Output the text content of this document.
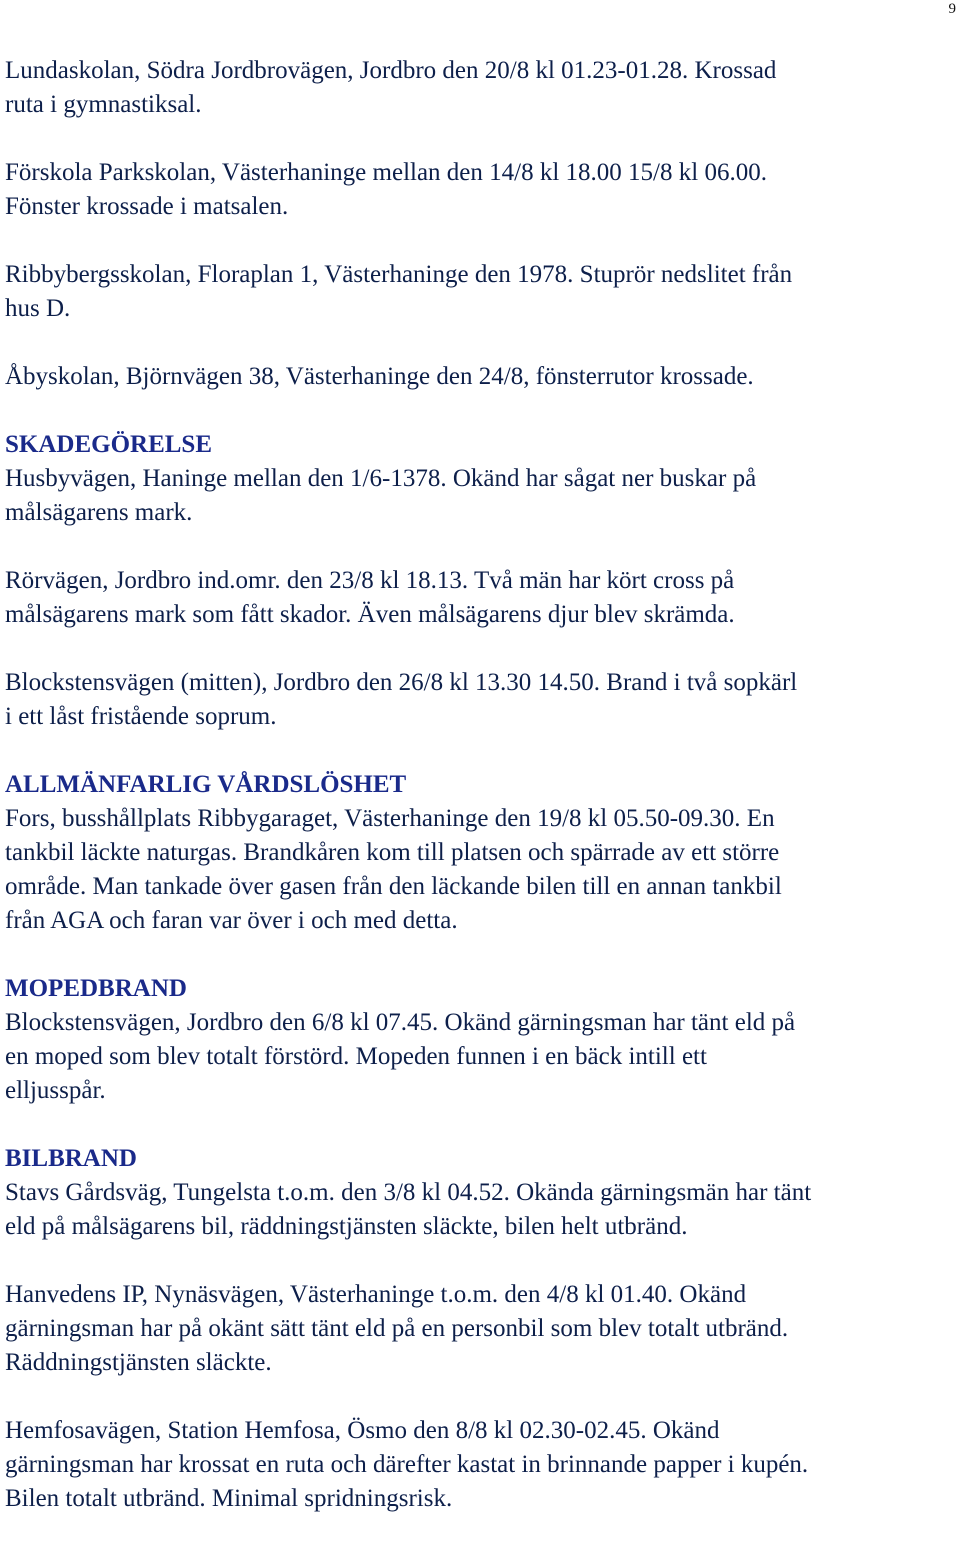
9
Lundaskolan, Södra Jordbrovägen, Jordbro den 20/8 kl 01.23-01.28. Krossad
ruta i gymnastiksal.
Förskola Parkskolan, Västerhaninge mellan den 14/8 kl 18.00 15/8 kl 06.00.
Fönster krossade i matsalen.
Ribbybergsskolan, Floraplan 1, Västerhaninge den 1978. Stuprör nedslitet från
hus D.
Åbyskolan, Björnvägen 38, Västerhaninge den 24/8, fönsterrutor krossade.
SKADEGÖRELSE
Husbyvägen, Haninge mellan den 1/6-1378. Okänd har sågat ner buskar på
målsägarens mark.
Rörvägen, Jordbro ind.omr. den 23/8 kl 18.13. Två män har kört cross på
målsägarens mark som fått skador. Även målsägarens djur blev skrämda.
Blockstensvägen (mitten), Jordbro den 26/8 kl 13.30 14.50. Brand i två sopkärl
i ett låst fristående soprum.
ALLMÄNFARLIG VÅRDSLÖSHET
Fors, busshållplats Ribbygaraget, Västerhaninge den 19/8 kl 05.50-09.30. En
tankbil läckte naturgas. Brandkåren kom till platsen och spärrade av ett större
område. Man tankade över gasen från den läckande bilen till en annan tankbil
från AGA och faran var över i och med detta.
MOPEDBRAND
Blockstensvägen, Jordbro den 6/8 kl 07.45. Okänd gärningsman har tänt eld på
en moped som blev totalt förstörd. Mopeden funnen i en bäck intill ett
elljusspår.
BILBRAND
Stavs Gårdsväg, Tungelsta t.o.m. den 3/8 kl 04.52. Okända gärningsmän har tänt
eld på målsägarens bil, räddningstjänsten släckte, bilen helt utbränd.
Hanvedens IP, Nynäsvägen, Västerhaninge t.o.m. den 4/8 kl 01.40. Okänd
gärningsman har på okänt sätt tänt eld på en personbil som blev totalt utbränd.
Räddningstjänsten släckte.
Hemfosavägen, Station Hemfosa, Ösmo den 8/8 kl 02.30-02.45. Okänd
gärningsman har krossat en ruta och därefter kastat in brinnande papper i kupén.
Bilen totalt utbränd. Minimal spridningsrisk.
